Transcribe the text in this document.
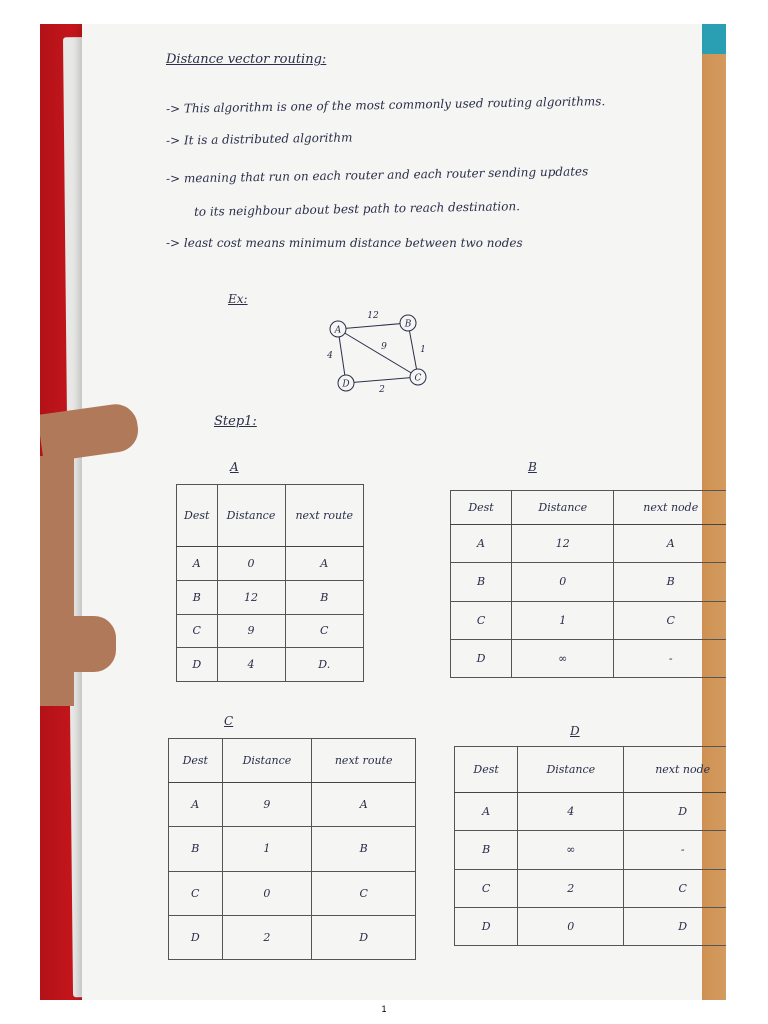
Distance vector routing:
-> This algorithm is one of the most commonly used routing algorithms.
-> It is a distributed algorithm
-> meaning that run on each router and each router sending updates
to its neighbour about best path to reach destination.
-> least cost means minimum distance between two nodes
Ex:
Step1:
A	B
C
D
Dest	Distance	next route
A	0	A
B	12	B
C	9	C
D	4	D.
Dest	Distance	next node
A	12	A
B	0	B
C	1	C
D	∞	-
Dest	Distance	next route
A	9	A
B	1	B
C	0	C
D	2	D
Dest	Distance	next node
A	4	D
B	∞	-
C	2	C
D	0	D
12
9	1
4
2
A
B
C
D
1
